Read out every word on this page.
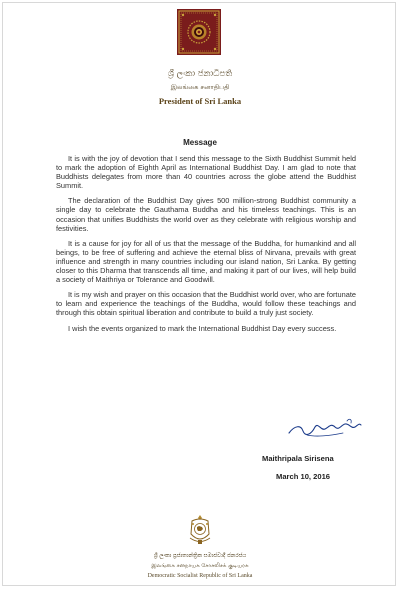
ශ්‍රී ලංකා ජනාධිපති
இலங்கை சனாதிபதி
President of Sri Lanka
Message

It is with the joy of devotion that I send this message to the Sixth Buddhist Summit held to mark the adoption of Eighth April as International Buddhist Day. I am glad to note that Buddhists delegates from more than 40 countries across the globe attend the Buddhist Summit.

The declaration of the Buddhist Day gives 500 million-strong Buddhist community a single day to celebrate the Gauthama Buddha and his timeless teachings. This is an occasion that unifies Buddhists the world over as they celebrate with religious worship and festivities.

It is a cause for joy for all of us that the message of the Buddha, for humankind and all beings, to be free of suffering and achieve the eternal bliss of Nirvana, prevails with great influence and strength in many countries including our island nation, Sri Lanka. By getting closer to this Dharma that transcends all time, and making it part of our lives, will help build a society of Maithriya or Tolerance and Goodwill.

It is my wish and prayer on this occasion that the Buddhist world over, who are fortunate to learn and experience the teachings of the Buddha, would follow these teachings and through this obtain spiritual liberation and contribute to build a truly just society.

I wish the events organized to mark the International Buddhist Day every success.

Maithripala Sirisena
March 10, 2016
ශ්‍රී ලංකා ප්‍රජාතාන්ත්‍රික සමාජවාදී ජනරජය
இலங்கை சனநாயக சோசலிசக் குடியரசு
Democratic Socialist Republic of Sri Lanka
